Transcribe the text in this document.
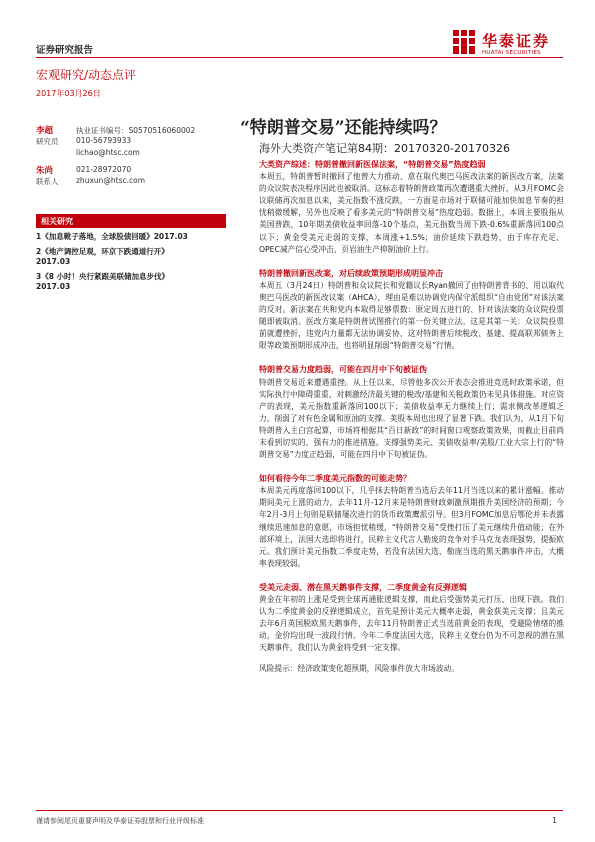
证券研究报告
华泰证券
HUATAI SECURITIES
宏观研究/动态点评
2017年03月26日
“特朗普交易”还能持续吗？
海外大类资产笔记第84期：20170320-20170326
李超	执业证书编号：S0570516060002
研究员 010-56793933
lichao@htsc.com
朱尚	021-28972070
联系人 zhuxun@htsc.com
相关研究
1《加息靴子落地，全球股债回暖》2017.03
2《地产调控足观，环京下跌通道行开》
2017.03
3《8 小时！央行紧跟美联储加息步伐》
2017.03
大类资产综述：特朗普撤回新医保法案，“特朗普交易”热度趋弱

本周五，特朗普暂时撤回了他曾大力推动、意在取代奥巴马医改法案的新医改方案，法案的众议院表决程序因此也被取消。这标志着特朗普政策再次遭遇重大挫折。从3月FOMC会议联储再次加息以来，美元指数不涨反跌，一方面是市场对于联储可能加快加息节奏的担忧稍微缓解，另外也反映了看多美元的“特朗普交易”热度趋弱。数据上，本周主要股指从美国普跌，10年期美债收益率回落-10个基点，美元指数当周下跌-0.6%重新落回100点以下；黄金受美元走弱的支撑，本周涨+1.5%；油价延续下跌趋势，由于库存充足、OPEC减产信心受冲击、页岩油生产抑制油价上行。

特朗普撤回新医改案，对后续政策预期形成明显冲击

本周五（3月24日）特朗普和众议院长和党籍议长Ryan撤回了由特朗普背书的、用以取代奥巴马医改的新医改议案（AHCA），理由是难以协调党内保守派组织“自由党团”对该法案的反对。新法案在共和党内本取得足够票数：原定周五进行的、针对该法案的众议院投票随即被取消。医改方案是特朗普试图推行的第一份关键立法。这是其第一关：众议院投票前就遭挫折，违党内力量都无法协调妥协，这对特朗普后续税改、基建、提高联邦债务上限等政策预期形成冲击，也将明显削弱“特朗普交易”行情。

特朗普交易力度趋弱，可能在四月中下旬被证伪

特朗普交易近来遭遇重挫。从上任以来，尽管他多次公开表态会推进竞选时政策承诺，但实际执行中障碍重重，对刺激经济最关键的税改/基建和关税政策仍未见具体措施。对应资产的表现，美元指数重新落回100以下；美债收益率无力继续上行；需求侧改革逻辑乏力，削弱了对有色金属和原油的支撑。美股本周也出现了显著下跌。我们认为，从1月下旬特朗普入主白宫起算，市场将根据其“百日新政”的时间窗口观察政策效果，而截止目前尚未看到切实的、强有力的推进措施。支撑强势美元、美债收益率/美股/工业大宗上行的“特朗普交易”力度正趋弱，可能在四月中下旬被证伪。

如何看待今年二季度美元指数的可能走势？

本周美元再度落回100以下，几乎抹去特朗普当选后去年11月当选以来的累计涨幅。推动期间美元上涨的动力，去年11月-12月来是特朗普财政刺激预期推升美国经济的预期；今年2月-3月上旬则是联储屡次进行的货币政策鹰派引导。但3月FOMC加息后鄂伦并未表露继续迅速加息的意愿，市场担忧稍缓，“特朗普交易”受挫打压了美元继续升值动能；在外部环境上，法国大选即将进行，民粹主义代言人勒庞的竞争对手马克龙表现强势，提振欧元。我们预计美元指数二季度走势，若没有法国大选、勒庞当选的黑天鹅事件冲击，大概率表现较弱。

受美元走弱、潜在黑天鹅事件支撑，二季度黄金有反弹逻辑

黄金在年初的上涨是受到全球再通胀逻辑支撑，而此后受强势美元打压、出现下跌。我们认为二季度黄金的反弹逻辑成立，首先是预计美元大概率走弱，黄金获美元支撑；且美元去年6月英国脱欧黑天鹅事件，去年11月特朗普正式当选前黄金的表现，受避险情绪的推动，金价均出现一波段行情。今年二季度法国大选，民粹主义登台仍为不可忽视的潜在黑天鹅事件，我们认为黄金将受到一定支撑。

风险提示：经济政策变化超预期，风险事件放大市场波动。

谨请参阅尾页重要声明及华泰证券股票和行业评级标准	1
